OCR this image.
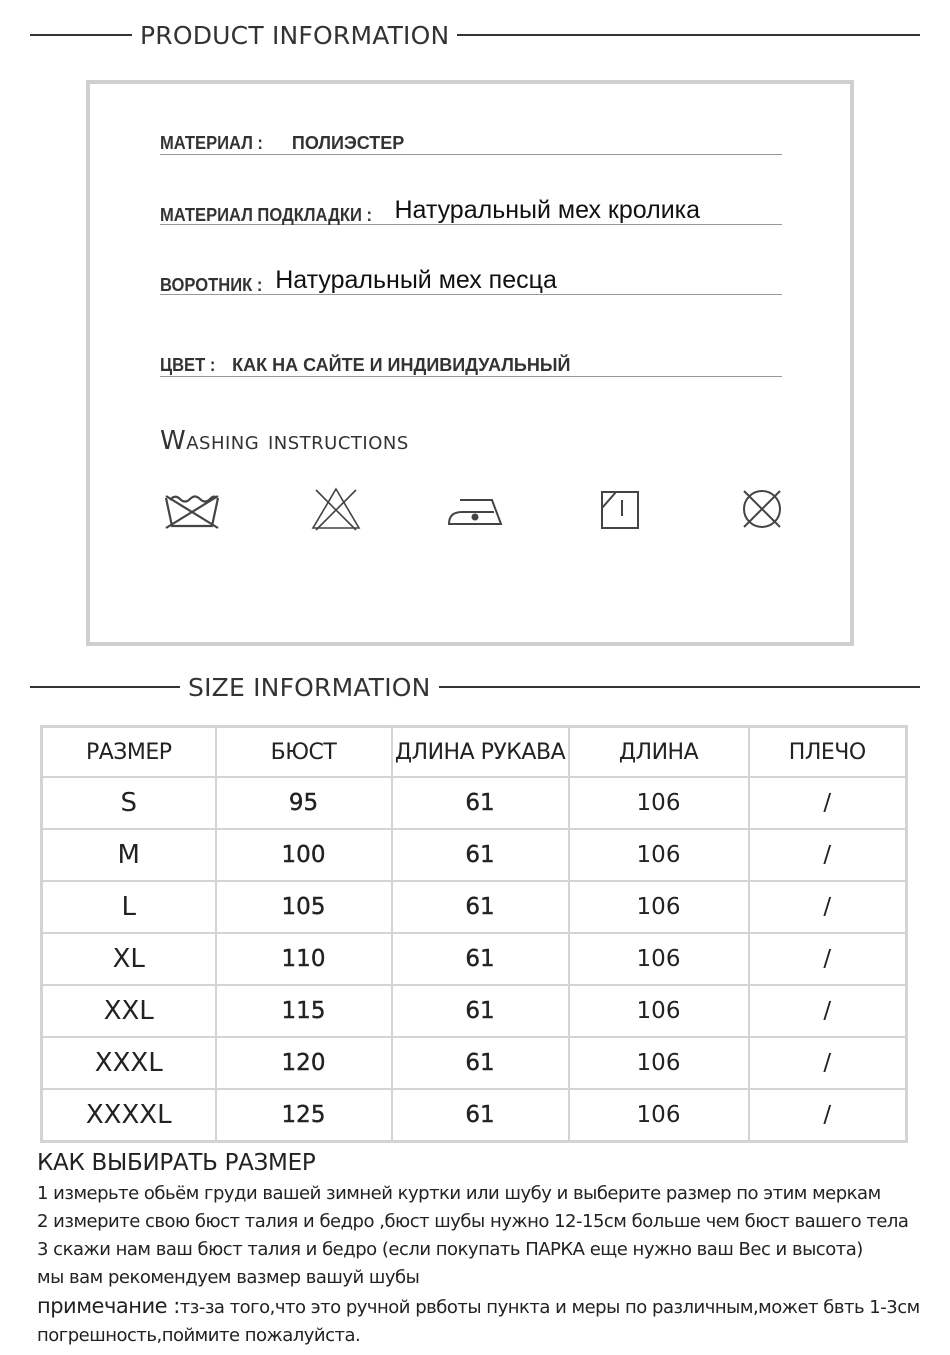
PRODUCT INFORMATION
МАТЕРИАЛ : ПОЛИЭСТЕР
МАТЕРИАЛ ПОДКЛАДКИ : Натуральный мех кролика
ВОРОТНИК : Натуральный мех песца
ЦВЕТ : КАК НА САЙТЕ И ИНДИВИДУАЛЬНЫЙ
Washing instructions
SIZE INFORMATION
РАЗМЕР	БЮСТ	ДЛИНА РУКАВА	ДЛИНА	ПЛЕЧО
S	95	61	106	/
M	100	61	106	/
L	105	61	106	/
XL	110	61	106	/
XXL	115	61	106	/
XXXL	120	61	106	/
XXXXL	125	61	106	/
КАК ВЫБИРАТЬ РАЗМЕР
1 измерьте обьём груди вашей зимней куртки или шубу и выберите размер по этим меркам
2 измерите свою бюст талия и бедро ,бюст шубы нужно 12-15см больше чем бюст вашего тела
3 скажи нам ваш бюст талия и бедро (если покупать ПАРКА еще нужно ваш Вес и высота)
мы вам рекомендуем вазмер вашуй шубы
примечание :тз-за того,что это ручной рвботы пункта и меры по различным,может бвть 1-3см
погрешность,поймите пожалуйста.
